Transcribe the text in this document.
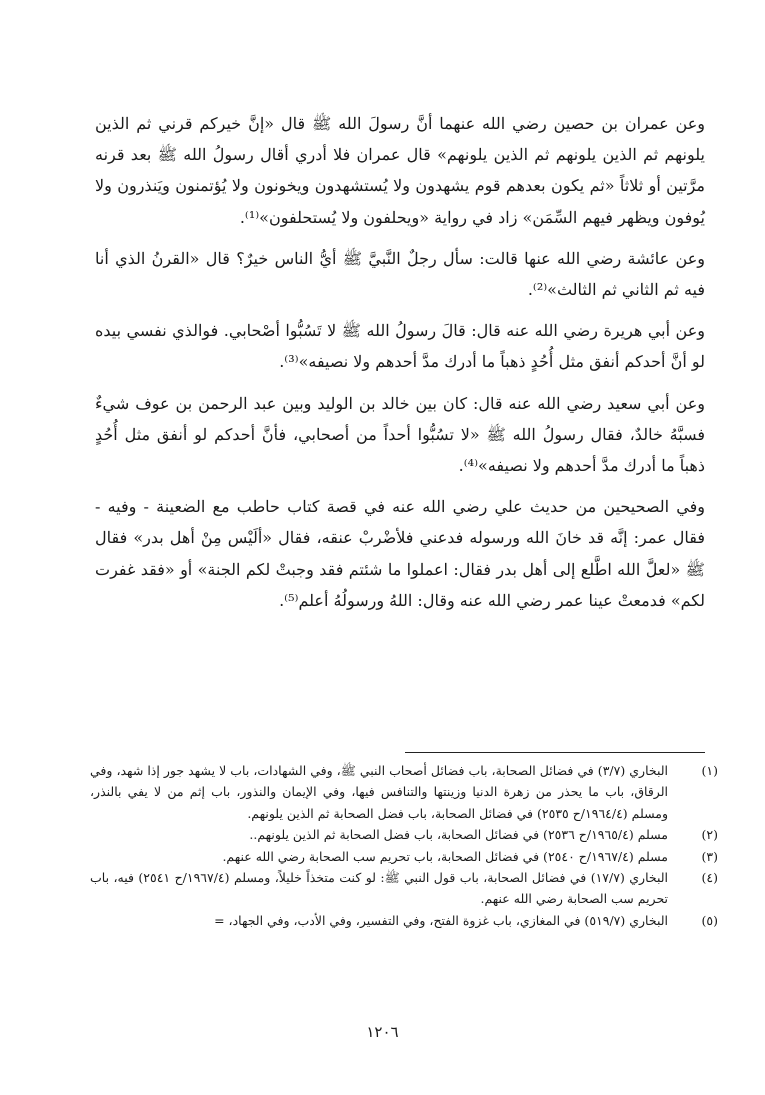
وعن عمران بن حصين رضي الله عنهما أنَّ رسولَ الله ﷺ قال «إنَّ خيركم قرني ثم الذين يلونهم ثم الذين يلونهم ثم الذين يلونهم» قال عمران فلا أدري أقال رسولُ الله ﷺ بعد قرنه مرَّتين أو ثلاثاً «ثم يكون بعدهم قوم يشهدون ولا يُستشهدون ويخونون ولا يُؤتمنون ويَنذرون ولا يُوفون ويظهر فيهم السِّمَن» زاد في رواية «ويحلفون ولا يُستحلفون»⁽¹⁾.

وعن عائشة رضي الله عنها قالت: سأل رجلٌ النَّبيَّ ﷺ أيُّ الناس خيرٌ؟ قال «القرنُ الذي أنا فيه ثم الثاني ثم الثالث»⁽²⁾.

وعن أبي هريرة رضي الله عنه قال: قالَ رسولُ الله ﷺ لا تَسُبُّوا أصْحابي. فوالذي نفسي بيده لو أنَّ أحدكم أنفق مثل أُحُدٍ ذهباً ما أدرك مدَّ أحدهم ولا نصيفه»⁽³⁾.

وعن أبي سعيد رضي الله عنه قال: كان بين خالد بن الوليد وبين عبد الرحمن بن عوف شيءٌ فسبَّهُ خالدٌ، فقال رسولُ الله ﷺ «لا تسُبُّوا أحداً من أصحابي، فأنَّ أحدكم لو أنفق مثل أُحُدٍ ذهباً ما أدرك مدَّ أحدهم ولا نصيفه»⁽⁴⁾.

وفي الصحيحين من حديث علي رضي الله عنه في قصة كتاب حاطب مع الضعينة - وفيه - فقال عمر: إنَّه قد خانَ الله ورسوله فدعني فلأضْربْ عنقه، فقال «ألَيْس مِنْ أهل بدر» فقال ﷺ «لعلَّ الله اطَّلع إلى أهل بدر فقال: اعملوا ما شئتم فقد وجبتْ لكم الجنة» أو «فقد غفرت لكم» فدمعتْ عينا عمر رضي الله عنه وقال: اللهُ ورسولُهُ أعلم⁽⁵⁾.

(١)
البخاري (٣/٧) في فضائل الصحابة، باب فضائل أصحاب النبي ﷺ، وفي الشهادات، باب لا يشهد جور إذا شهد، وفي الرقاق، باب ما يحذر من زهرة الدنيا وزينتها والتنافس فيها، وفي الإيمان والنذور، باب إثم من لا يفي بالنذر، ومسلم (١٩٦٤/٤/ح ٢٥٣٥) في فضائل الصحابة، باب فضل الصحابة ثم الذين يلونهم.
(٢)
مسلم (١٩٦٥/٤/ح ٢٥٣٦) في فضائل الصحابة، باب فضل الصحابة ثم الذين يلونهم..
(٣)
مسلم (١٩٦٧/٤/ح ٢٥٤٠) في فضائل الصحابة، باب تحريم سب الصحابة رضي الله عنهم.
(٤)
البخاري (١٧/٧) في فضائل الصحابة، باب قول النبي ﷺ: لو كنت متخذاً خليلاً، ومسلم (١٩٦٧/٤/ح ٢٥٤١) فيه، باب تحريم سب الصحابة رضي الله عنهم.
(٥)
البخاري (٥١٩/٧) في المغازي، باب غزوة الفتح، وفي التفسير، وفي الأدب، وفي الجهاد، =
١٢٠٦
